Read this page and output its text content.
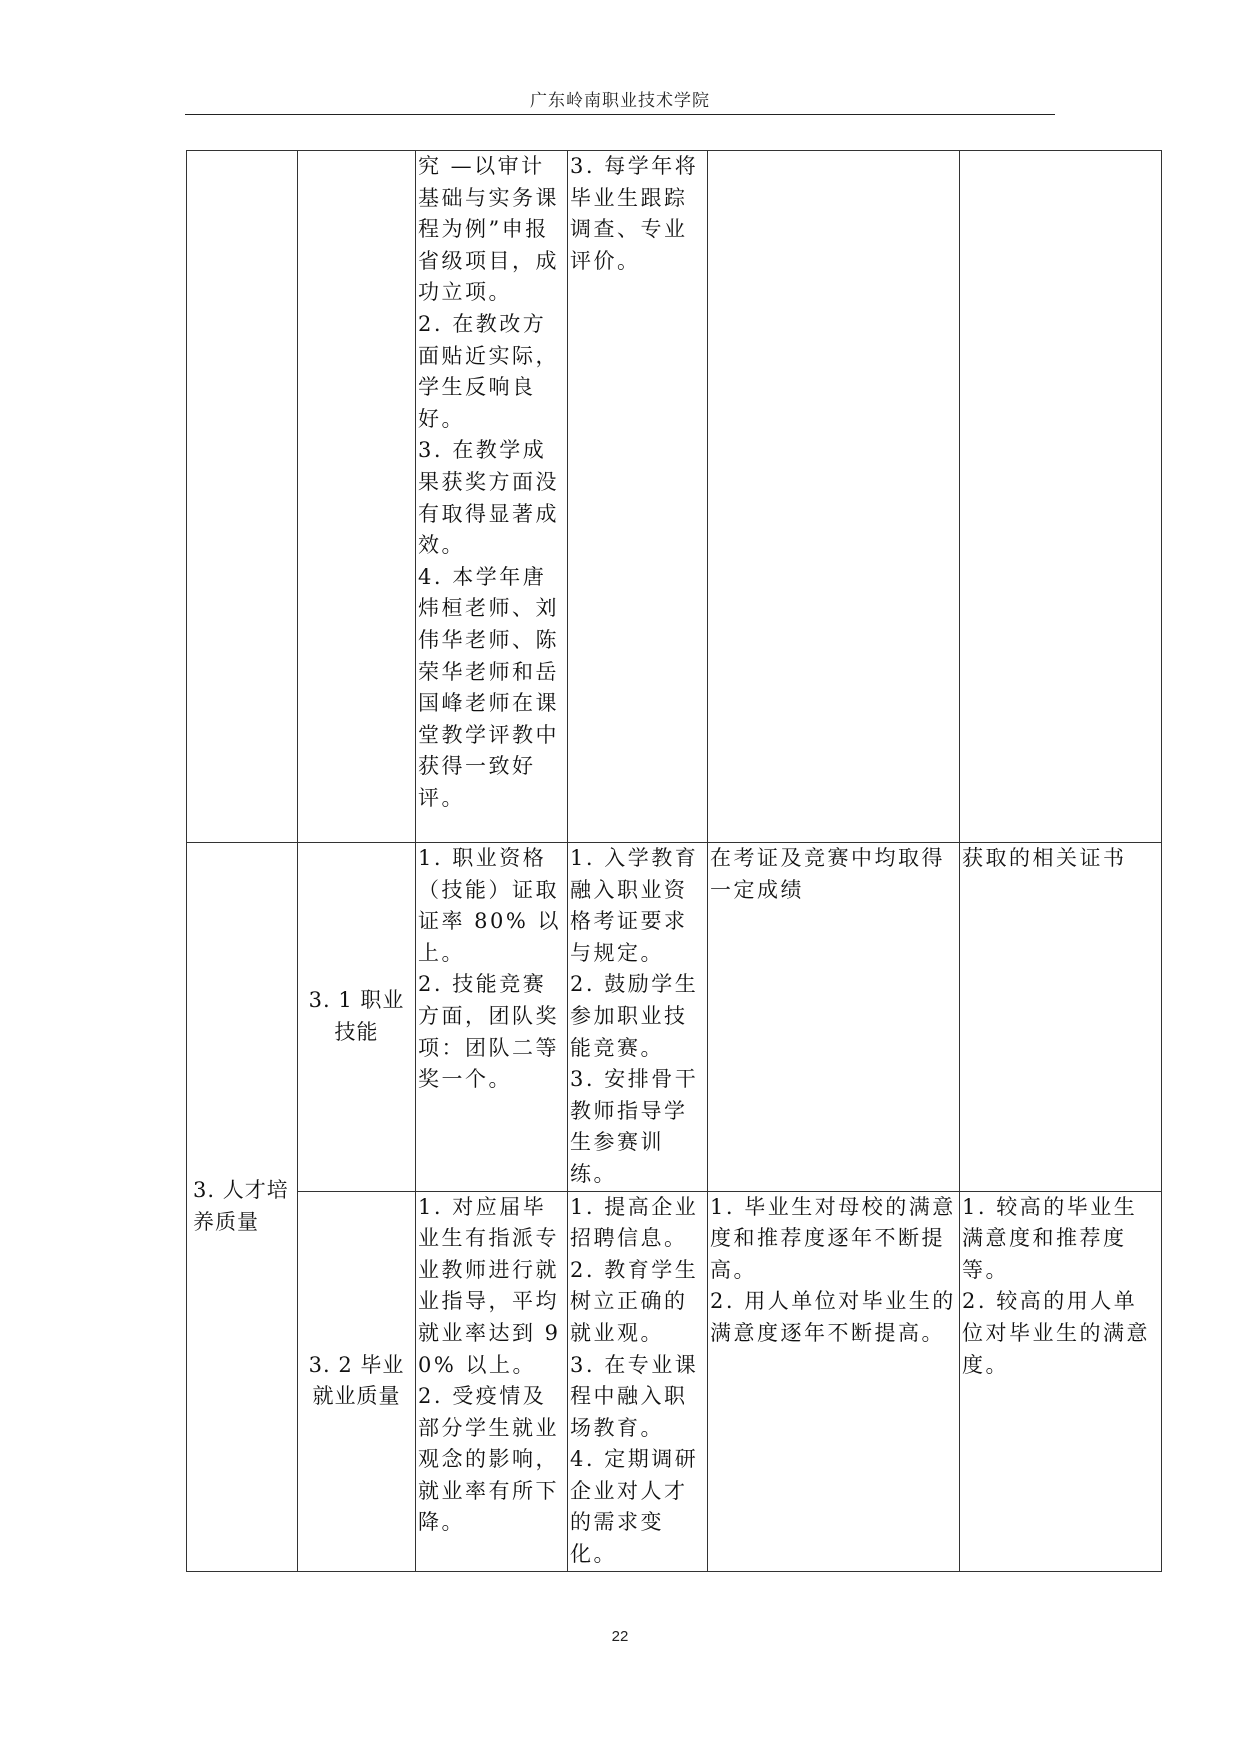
广东岭南职业技术学院

		究 —以审计基础与实务课程为例”申报省级项目，成功立项。
2. 在教改方面贴近实际，学生反响良好。
3. 在教学成果获奖方面没有取得显著成效。
4. 本学年唐炜桓老师、刘伟华老师、陈荣华老师和岳国峰老师在课堂教学评教中获得一致好评。	3. 每学年将毕业生跟踪调查、专业评价。		

3. 人才培养质量	3. 1 职业技能	1. 职业资格（技能）证取证率 80% 以上。
2. 技能竞赛方面，团队奖项：团队二等奖一个。	1. 入学教育融入职业资格考证要求与规定。
2. 鼓励学生参加职业技能竞赛。
3. 安排骨干教师指导学生参赛训练。	在考证及竞赛中均取得一定成绩	获取的相关证书
	3. 2 毕业就业质量	1. 对应届毕业生有指派专业教师进行就业指导，平均就业率达到 90% 以上。
2. 受疫情及部分学生就业观念的影响，就业率有所下降。	1. 提高企业招聘信息。
2. 教育学生树立正确的就业观。
3. 在专业课程中融入职场教育。
4. 定期调研企业对人才的需求变化。	1. 毕业生对母校的满意度和推荐度逐年不断提高。
2. 用人单位对毕业生的满意度逐年不断提高。	1. 较高的毕业生满意度和推荐度等。
2. 较高的用人单位对毕业生的满意度。
22
